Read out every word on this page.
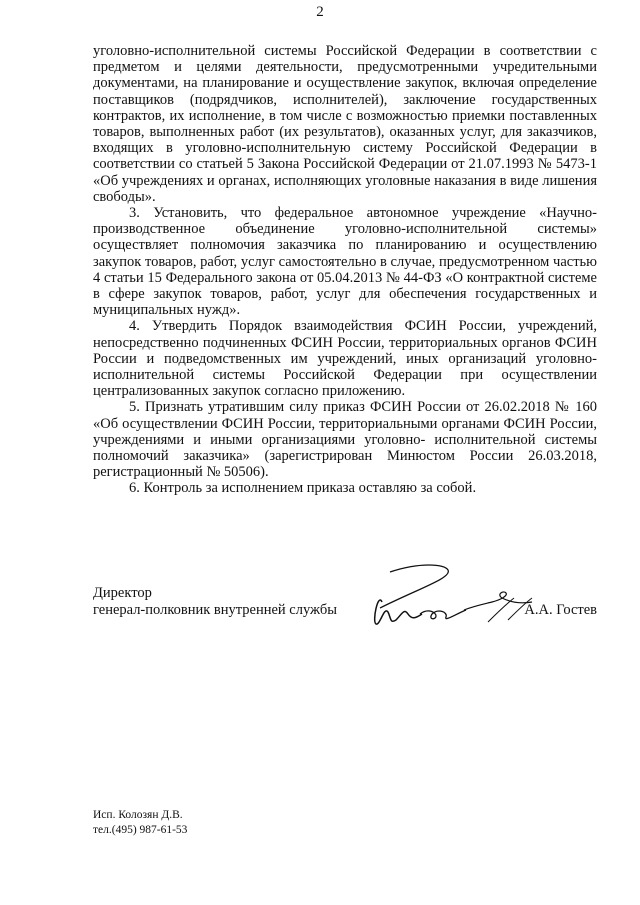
2

уголовно-исполнительной системы Российской Федерации в соответствии с предметом и целями деятельности, предусмотренными учредительными документами, на планирование и осуществление закупок, включая определение поставщиков (подрядчиков, исполнителей), заключение государственных контрактов, их исполнение, в том числе с возможностью приемки поставленных товаров, выполненных работ (их результатов), оказанных услуг, для заказчиков, входящих в уголовно-исполнительную систему Российской Федерации в соответствии со статьей 5 Закона Российской Федерации от 21.07.1993 № 5473-1 «Об учреждениях и органах, исполняющих уголовные наказания в виде лишения свободы».

3. Установить, что федеральное автономное учреждение «Научно- производственное объединение уголовно-исполнительной системы» осуществляет полномочия заказчика по планированию и осуществлению закупок товаров, работ, услуг самостоятельно в случае, предусмотренном частью 4 статьи 15 Федерального закона от 05.04.2013 № 44-ФЗ «О контрактной системе в сфере закупок товаров, работ, услуг для обеспечения государственных и муниципальных нужд».

4. Утвердить Порядок взаимодействия ФСИН России, учреждений, непосредственно подчиненных ФСИН России, территориальных органов ФСИН России и подведомственных им учреждений, иных организаций уголовно-исполнительной системы Российской Федерации при осуществлении централизованных закупок согласно приложению.

5. Признать утратившим силу приказ ФСИН России от 26.02.2018 № 160 «Об осуществлении ФСИН России, территориальными органами ФСИН России, учреждениями и иными организациями уголовно- исполнительной системы полномочий заказчика» (зарегистрирован Минюстом России 26.03.2018, регистрационный № 50506).

6. Контроль за исполнением приказа оставляю за собой.

Директор

генерал-полковник внутренней службы	А.А. Гостев

Исп. Колозян Д.В.

тел.(495) 987-61-53
